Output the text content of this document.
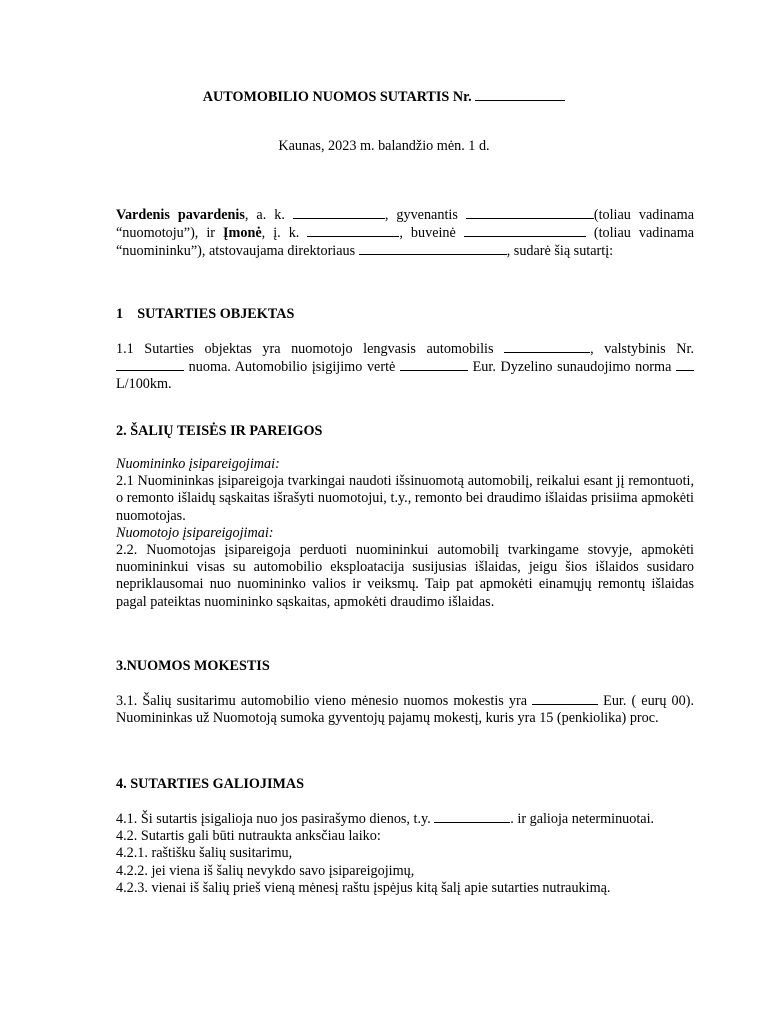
AUTOMOBILIO NUOMOS SUTARTIS Nr.
Kaunas, 2023 m. balandžio mėn. 1 d.

Vardenis pavardenis, a. k.	, gyvenantis	(toliau vadinama “nuomotoju”), ir Įmonė, į. k.	, buveinė	(toliau vadinama “nuomininku”), atstovaujama direktoriaus	, sudarė šią sutartį:

1 SUTARTIES OBJEKTAS

1.1 Sutarties objektas yra nuomotojo lengvasis automobilis	, valstybinis Nr.  nuoma. Automobilio įsigijimo vertė	Eur. Dyzelino sunaudojimo norma  L/100km.

2. ŠALIŲ TEISĖS IR PAREIGOS

Nuomininko įsipareigojimai:

2.1 Nuomininkas įsipareigoja tvarkingai naudoti išsinuomotą automobilį, reikalui esant jį remontuoti, o remonto išlaidų sąskaitas išrašyti nuomotojui, t.y., remonto bei draudimo išlaidas prisiima apmokėti nuomotojas.

Nuomotojo įsipareigojimai:

2.2. Nuomotojas įsipareigoja perduoti nuomininkui automobilį tvarkingame stovyje, apmokėti nuomininkui visas su automobilio eksploatacija susijusias išlaidas, jeigu šios išlaidos susidaro nepriklausomai nuo nuomininko valios ir veiksmų. Taip pat apmokėti einamųjų remontų išlaidas pagal pateiktas nuomininko sąskaitas, apmokėti draudimo išlaidas.

3.NUOMOS MOKESTIS

3.1. Šalių susitarimu automobilio vieno mėnesio nuomos mokestis yra	Eur. ( eurų 00). Nuomininkas už Nuomotoją sumoka gyventojų pajamų mokestį, kuris yra 15 (penkiolika) proc.

4. SUTARTIES GALIOJIMAS

4.1. Ši sutartis įsigalioja nuo jos pasirašymo dienos, t.y.	. ir galioja neterminuotai.

4.2. Sutartis gali būti nutraukta anksčiau laiko:

4.2.1. raštišku šalių susitarimu,

4.2.2. jei viena iš šalių nevykdo savo įsipareigojimų,

4.2.3. vienai iš šalių prieš vieną mėnesį raštu įspėjus kitą šalį apie sutarties nutraukimą.
